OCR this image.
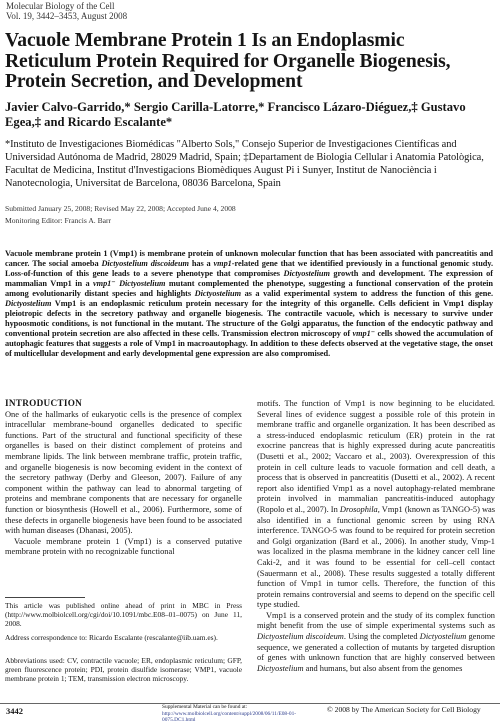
Molecular Biology of the Cell
Vol. 19, 3442–3453, August 2008
Vacuole Membrane Protein 1 Is an Endoplasmic Reticulum Protein Required for Organelle Biogenesis, Protein Secretion, and Development

Javier Calvo-Garrido,* Sergio Carilla-Latorre,* Francisco Lázaro-Diéguez,‡ Gustavo Egea,‡ and Ricardo Escalante*

*Instituto de Investigaciones Biomédicas "Alberto Sols," Consejo Superior de Investigaciones Científicas and Universidad Autónoma de Madrid, 28029 Madrid, Spain; ‡Departament de Biologia Cellular i Anatomia Patològica, Facultat de Medicina, Institut d'Investigacions Biomèdiques August Pi i Sunyer, Institut de Nanociència i Nanotecnologia, Universitat de Barcelona, 08036 Barcelona, Spain

Submitted January 25, 2008; Revised May 22, 2008; Accepted June 4, 2008
Monitoring Editor: Francis A. Barr

Vacuole membrane protein 1 (Vmp1) is membrane protein of unknown molecular function that has been associated with pancreatitis and cancer. The social amoeba Dictyostelium discoideum has a vmp1-related gene that we identified previously in a functional genomic study. Loss-of-function of this gene leads to a severe phenotype that compromises Dictyostelium growth and development. The expression of mammalian Vmp1 in a vmp1⁻ Dictyostelium mutant complemented the phenotype, suggesting a functional conservation of the protein among evolutionarily distant species and highlights Dictyostelium as a valid experimental system to address the function of this gene. Dictyostelium Vmp1 is an endoplasmic reticulum protein necessary for the integrity of this organelle. Cells deficient in Vmp1 display pleiotropic defects in the secretory pathway and organelle biogenesis. The contractile vacuole, which is necessary to survive under hypoosmotic conditions, is not functional in the mutant. The structure of the Golgi apparatus, the function of the endocytic pathway and conventional protein secretion are also affected in these cells. Transmission electron microscopy of vmp1⁻ cells showed the accumulation of autophagic features that suggests a role of Vmp1 in macroautophagy. In addition to these defects observed at the vegetative stage, the onset of multicellular development and early developmental gene expression are also compromised.

INTRODUCTION

One of the hallmarks of eukaryotic cells is the presence of complex intracellular membrane-bound organelles dedicated to specific functions. Part of the structural and functional specificity of these organelles is based on their distinct complement of proteins and membrane lipids. The link between membrane traffic, protein traffic, and organelle biogenesis is now becoming evident in the context of the secretory pathway (Derby and Gleeson, 2007). Failure of any component within the pathway can lead to abnormal targeting of proteins and membrane components that are necessary for organelle function or biosynthesis (Howell et al., 2006). Furthermore, some of these defects in organelle biogenesis have been found to be associated with human diseases (Dhanasi, 2005).

Vacuole membrane protein 1 (Vmp1) is a conserved putative membrane protein with no recognizable functional

This article was published online ahead of print in MBC in Press (http://www.molbiolcell.org/cgi/doi/10.1091/mbc.E08–01–0075) on June 11, 2008.

Address correspondence to: Ricardo Escalante (rescalante@iib.uam.es).

Abbreviations used: CV, contractile vacuole; ER, endoplasmic reticulum; GFP, green fluorescence protein; PDI, protein disulfide isomerase; VMP1, vacuole membrane protein 1; TEM, transmission electron microscopy.

motifs. The function of Vmp1 is now beginning to be elucidated. Several lines of evidence suggest a possible role of this protein in membrane traffic and organelle organization. It has been described as a stress-induced endoplasmic reticulum (ER) protein in the rat exocrine pancreas that is highly expressed during acute pancreatitis (Dusetti et al., 2002; Vaccaro et al., 2003). Overexpression of this protein in cell culture leads to vacuole formation and cell death, a process that is observed in pancreatitis (Dusetti et al., 2002). A recent report also identified Vmp1 as a novel autophagy-related membrane protein involved in mammalian pancreatitis-induced autophagy (Ropolo et al., 2007). In Drosophila, Vmp1 (known as TANGO-5) was also identified in a functional genomic screen by using RNA interference. TANGO-5 was found to be required for protein secretion and Golgi organization (Bard et al., 2006). In another study, Vmp-1 was localized in the plasma membrane in the kidney cancer cell line Caki-2, and it was found to be essential for cell–cell contact (Sauermann et al., 2008). These results suggested a totally different function of Vmp1 in tumor cells. Therefore, the function of this protein remains controversial and seems to depend on the specific cell type studied.

Vmp1 is a conserved protein and the study of its complex function might benefit from the use of simple experimental systems such as Dictyostelium discoideum. Using the completed Dictyostelium genome sequence, we generated a collection of mutants by targeted disruption of genes with unknown function that are highly conserved between Dictyostelium and humans, but also absent from the genomes

3442	Supplemental Material can be found at:
http://www.molbiolcell.org/content/suppl/2008/06/11/E08-01-0075.DC1.html
© 2008 by The American Society for Cell Biology
